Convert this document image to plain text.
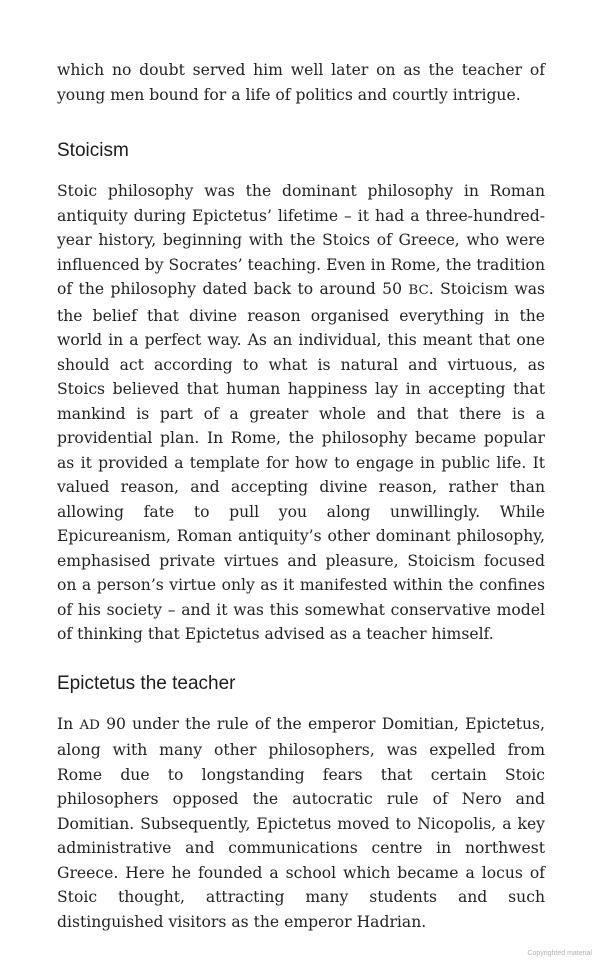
which no doubt served him well later on as the teacher of young men bound for a life of politics and courtly intrigue.

Stoicism

Stoic philosophy was the dominant philosophy in Roman antiquity during Epictetus’ lifetime – it had a three-hundred-year history, beginning with the Stoics of Greece, who were influenced by Socrates’ teaching. Even in Rome, the tradition of the philosophy dated back to around 50 BC. Stoicism was the belief that divine reason organised everything in the world in a perfect way. As an individual, this meant that one should act according to what is natural and virtuous, as Stoics believed that human happiness lay in accepting that mankind is part of a greater whole and that there is a providential plan. In Rome, the philosophy became popular as it provided a template for how to engage in public life. It valued reason, and accepting divine reason, rather than allowing fate to pull you along unwillingly. While Epicureanism, Roman antiquity’s other dominant philosophy, emphasised private virtues and pleasure, Stoicism focused on a person’s virtue only as it manifested within the confines of his society – and it was this somewhat conservative model of thinking that Epictetus advised as a teacher himself.

Epictetus the teacher

In AD 90 under the rule of the emperor Domitian, Epictetus, along with many other philosophers, was expelled from Rome due to longstanding fears that certain Stoic philosophers opposed the autocratic rule of Nero and Domitian. Subsequently, Epictetus moved to Nicopolis, a key administrative and communications centre in northwest Greece. Here he founded a school which became a locus of Stoic thought, attracting many students and such distinguished visitors as the emperor Hadrian.

Copyrighted material
